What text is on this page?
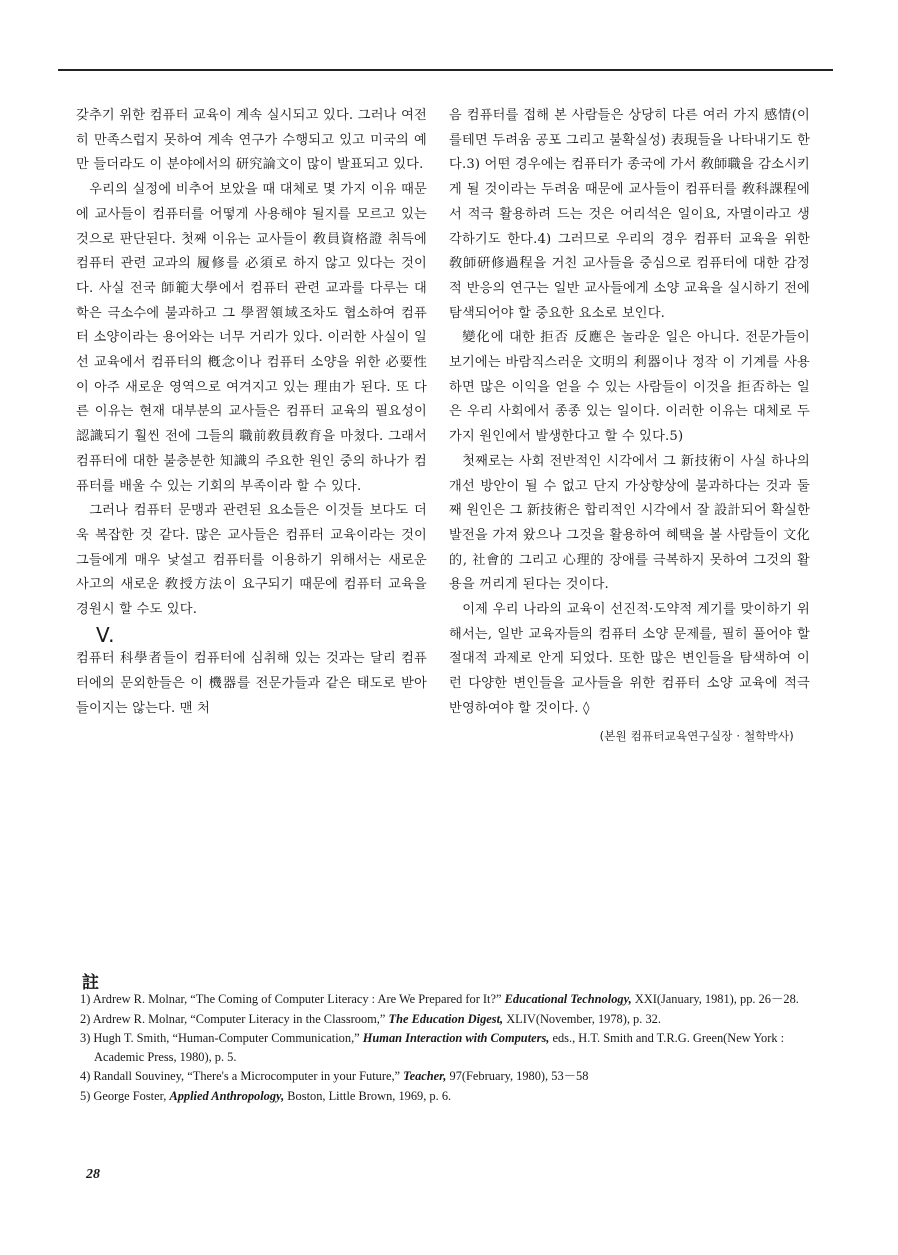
갖추기 위한 컴퓨터 교육이 계속 실시되고 있다. 그러나 여전히 만족스럽지 못하여 계속 연구가 수행되고 있고 미국의 예만 들더라도 이 분야에서의 研究論文이 많이 발표되고 있다.

우리의 실정에 비추어 보았을 때 대체로 몇 가지 이유 때문에 교사들이 컴퓨터를 어떻게 사용해야 될지를 모르고 있는 것으로 판단된다. 첫째 이유는 교사들이 敎員資格證 취득에 컴퓨터 관련 교과의 履修를 必須로 하지 않고 있다는 것이다. 사실 전국 師範大學에서 컴퓨터 관련 교과를 다루는 대학은 극소수에 불과하고 그 學習領域조차도 협소하여 컴퓨터 소양이라는 용어와는 너무 거리가 있다. 이러한 사실이 일선 교육에서 컴퓨터의 槪念이나 컴퓨터 소양을 위한 必要性이 아주 새로운 영역으로 여겨지고 있는 理由가 된다. 또 다른 이유는 현재 대부분의 교사들은 컴퓨터 교육의 필요성이 認識되기 훨씬 전에 그들의 職前敎員敎育을 마쳤다. 그래서 컴퓨터에 대한 불충분한 知識의 주요한 원인 중의 하나가 컴퓨터를 배울 수 있는 기회의 부족이라 할 수 있다.

그러나 컴퓨터 문맹과 관련된 요소들은 이것들 보다도 더욱 복잡한 것 같다. 많은 교사들은 컴퓨터 교육이라는 것이 그들에게 매우 낯설고 컴퓨터를 이용하기 위해서는 새로운 사고의 새로운 敎授方法이 요구되기 때문에 컴퓨터 교육을 경원시 할 수도 있다.

V.

컴퓨터 科學者들이 컴퓨터에 심취해 있는 것과는 달리 컴퓨터에의 문외한들은 이 機器를 전문가들과 같은 태도로 받아들이지는 않는다. 맨 처

음 컴퓨터를 접해 본 사람들은 상당히 다른 여러 가지 感情(이를테면 두려움 공포 그리고 불확실성) 表現들을 나타내기도 한다.3) 어떤 경우에는 컴퓨터가 종국에 가서 敎師職을 감소시키게 될 것이라는 두려움 때문에 교사들이 컴퓨터를 敎科課程에서 적극 활용하려 드는 것은 어리석은 일이요, 자멸이라고 생각하기도 한다.4) 그러므로 우리의 경우 컴퓨터 교육을 위한 敎師硏修過程을 거친 교사들을 중심으로 컴퓨터에 대한 감정적 반응의 연구는 일반 교사들에게 소양 교육을 실시하기 전에 탐색되어야 할 중요한 요소로 보인다.

變化에 대한 拒否 反應은 놀라운 일은 아니다. 전문가들이 보기에는 바람직스러운 文明의 利器이나 정작 이 기계를 사용하면 많은 이익을 얻을 수 있는 사람들이 이것을 拒否하는 일은 우리 사회에서 종종 있는 일이다. 이러한 이유는 대체로 두 가지 원인에서 발생한다고 할 수 있다.5)

첫째로는 사회 전반적인 시각에서 그 新技術이 사실 하나의 개선 방안이 될 수 없고 단지 가상향상에 불과하다는 것과 둘째 원인은 그 新技術은 합리적인 시각에서 잘 設計되어 확실한 발전을 가져 왔으나 그것을 활용하여 혜택을 볼 사람들이 文化的, 社會的 그리고 心理的 장애를 극복하지 못하여 그것의 활용을 꺼리게 된다는 것이다.

이제 우리 나라의 교육이 선진적·도약적 계기를 맞이하기 위해서는, 일반 교육자들의 컴퓨터 소양 문제를, 필히 풀어야 할 절대적 과제로 안게 되었다. 또한 많은 변인들을 탐색하여 이런 다양한 변인들을 교사들을 위한 컴퓨터 소양 교육에 적극 반영하여야 할 것이다. ◊

(본원 컴퓨터교육연구실장 · 철학박사)
註
1) Ardrew R. Molnar, “The Coming of Computer Literacy : Are We Prepared for It?” Educational Technology, XXI(January, 1981), pp. 26－28.
2) Ardrew R. Molnar, “Computer Literacy in the Classroom,” The Education Digest, XLIV(November, 1978), p. 32.
3) Hugh T. Smith, “Human-Computer Communication,” Human Interaction with Computers, eds., H.T. Smith and T.R.G. Green(New York : Academic Press, 1980), p. 5.
4) Randall Souviney, “There's a Microcomputer in your Future,” Teacher, 97(February, 1980), 53－58
5) George Foster, Applied Anthropology, Boston, Little Brown, 1969, p. 6.
28
